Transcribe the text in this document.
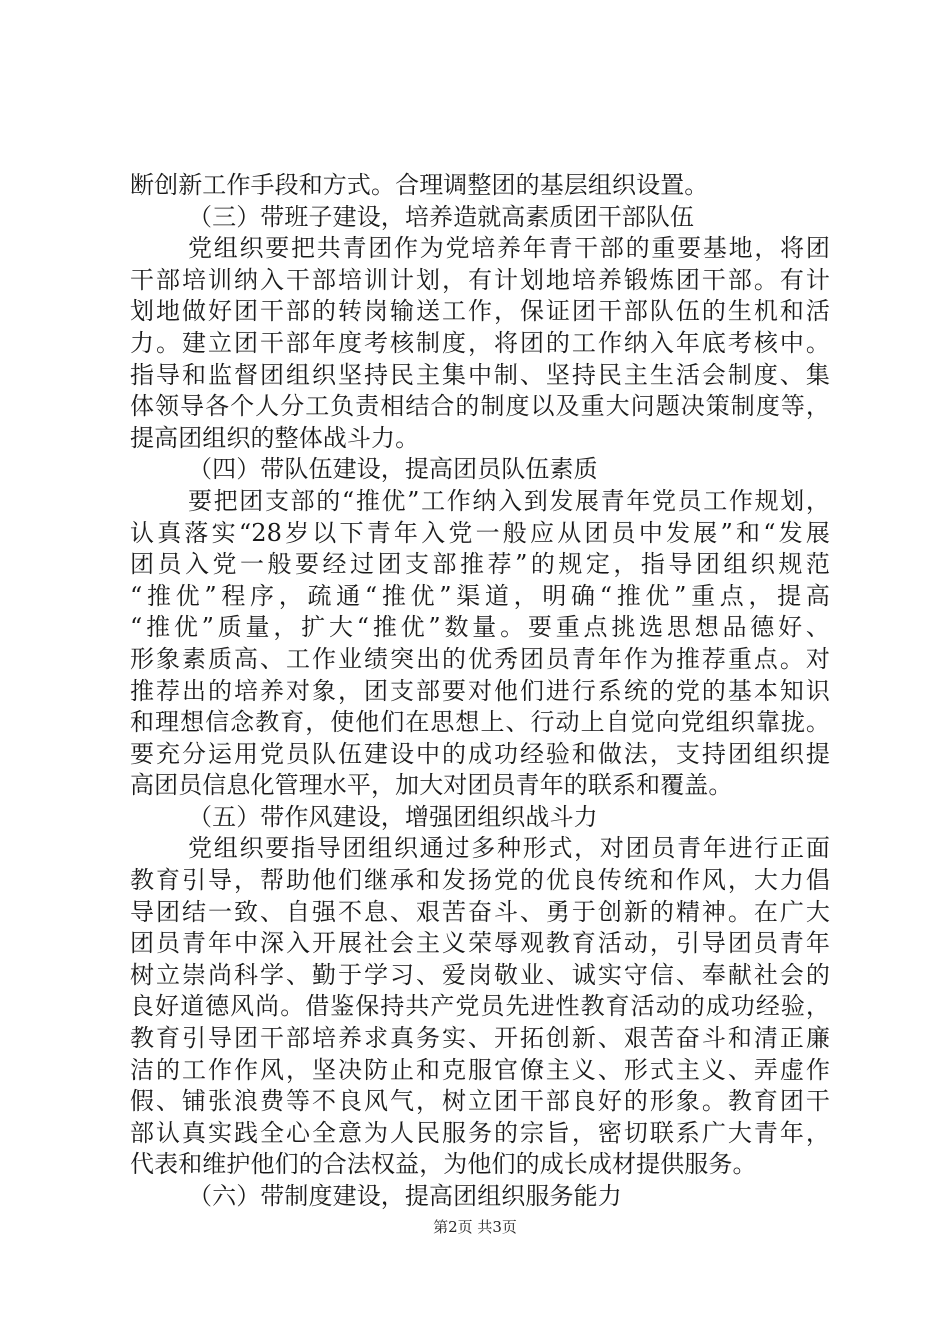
断创新工作手段和方式。合理调整团的基层组织设置。
（三）带班子建设，培养造就高素质团干部队伍
党组织要把共青团作为党培养年青干部的重要基地，将团
干部培训纳入干部培训计划，有计划地培养锻炼团干部。有计
划地做好团干部的转岗输送工作，保证团干部队伍的生机和活
力。建立团干部年度考核制度，将团的工作纳入年底考核中。
指导和监督团组织坚持民主集中制、坚持民主生活会制度、集
体领导各个人分工负责相结合的制度以及重大问题决策制度等，
提高团组织的整体战斗力。
（四）带队伍建设，提高团员队伍素质
要把团支部的“推优”工作纳入到发展青年党员工作规划，
认真落实“28岁以下青年入党一般应从团员中发展”和“发展
团员入党一般要经过团支部推荐”的规定，指导团组织规范
“推优”程序，疏通“推优”渠道，明确“推优”重点，提高
“推优”质量，扩大“推优”数量。要重点挑选思想品德好、
形象素质高、工作业绩突出的优秀团员青年作为推荐重点。对
推荐出的培养对象，团支部要对他们进行系统的党的基本知识
和理想信念教育，使他们在思想上、行动上自觉向党组织靠拢。
要充分运用党员队伍建设中的成功经验和做法，支持团组织提
高团员信息化管理水平，加大对团员青年的联系和覆盖。
（五）带作风建设，增强团组织战斗力
党组织要指导团组织通过多种形式，对团员青年进行正面
教育引导，帮助他们继承和发扬党的优良传统和作风，大力倡
导团结一致、自强不息、艰苦奋斗、勇于创新的精神。在广大
团员青年中深入开展社会主义荣辱观教育活动，引导团员青年
树立崇尚科学、勤于学习、爱岗敬业、诚实守信、奉献社会的
良好道德风尚。借鉴保持共产党员先进性教育活动的成功经验，
教育引导团干部培养求真务实、开拓创新、艰苦奋斗和清正廉
洁的工作作风，坚决防止和克服官僚主义、形式主义、弄虚作
假、铺张浪费等不良风气，树立团干部良好的形象。教育团干
部认真实践全心全意为人民服务的宗旨，密切联系广大青年，
代表和维护他们的合法权益，为他们的成长成材提供服务。
（六）带制度建设，提高团组织服务能力
第2页 共3页
